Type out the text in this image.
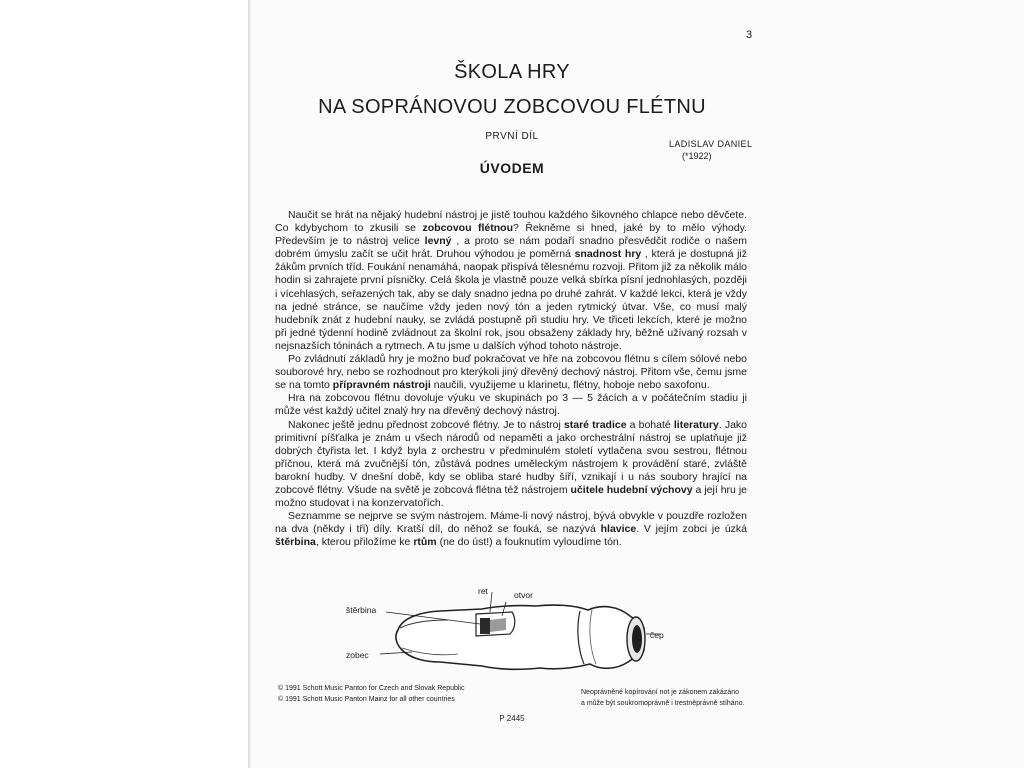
3
ŠKOLA HRY
NA SOPRÁNOVOU ZOBCOVOU FLÉTNU
PRVNÍ DÍL
LADISLAV DANIEL
(*1922)
ÚVODEM

Naučit se hrát na nějaký hudební nástroj je jistě touhou každého šikovného chlapce nebo děvčete. Co kdybychom to zkusili se zobcovou flétnou? Řekněme si hned, jaké by to mělo výhody. Především je to nástroj velice levný , a proto se nám podaří snadno přesvědčit rodiče o našem dobrém úmyslu začít se učit hrát. Druhou výhodou je poměrná snadnost hry , která je dostupná již žákům prvních tříd. Foukání nenamáhá, naopak přispívá tělesnému rozvoji. Přitom již za několik málo hodin si zahrajete první písničky. Celá škola je vlastně pouze velká sbírka písní jednohlasých, později i vícehlasých, seřazených tak, aby se daly snadno jedna po druhé zahrát. V každé lekci, která je vždy na jedné stránce, se naučíme vždy jeden nový tón a jeden rytmický útvar. Vše, co musí malý hudebník znát z hudební nauky, se zvládá postupně při studiu hry. Ve třiceti lekcích, které je možno při jedné týdenní hodině zvládnout za školní rok, jsou obsaženy základy hry, běžně užívaný rozsah v nejsnazších tóninách a rytmech. A tu jsme u dalších výhod tohoto nástroje.

Po zvládnutí základů hry je možno buď pokračovat ve hře na zobcovou flétnu s cílem sólové nebo souborové hry, nebo se rozhodnout pro kterýkoli jiný dřevěný dechový nástroj. Přitom vše, čemu jsme se na tomto přípravném nástroji naučili, využijeme u klarinetu, flétny, hoboje nebo saxofonu.

Hra na zobcovou flétnu dovoluje výuku ve skupinách po 3 — 5 žácích a v počátečním stadiu ji může vést každý učitel znalý hry na dřevěný dechový nástroj.

Nakonec ještě jednu přednost zobcové flétny. Je to nástroj staré tradice a bohaté literatury. Jako primitivní píšťalka je znám u všech národů od nepaměti a jako orchestrální nástroj se uplatňuje již dobrých čtyřista let. I když byla z orchestru v předminulém století vytlačena svou sestrou, flétnou příčnou, která má zvučnější tón, zůstává podnes uměleckým nástrojem k provádění staré, zvláště barokní hudby. V dnešní době, kdy se obliba staré hudby šíří, vznikají i u nás soubory hrající na zobcové flétny. Všude na světě je zobcová flétna též nástrojem učitele hudební výchovy a její hru je možno studovat i na konzervatořích.

Seznamme se nejprve se svým nástrojem. Máme-li nový nástroj, bývá obvykle v pouzdře rozložen na dva (někdy i tři) díly. Kratší díl, do něhož se fouká, se nazývá hlavice. V jejím zobci je úzká štěrbina, kterou přiložíme ke rtům (ne do úst!) a fouknutím vyloudíme tón.

ret	otvor
štěrbina
čep
zobec
© 1991 Schott Music Panton for Czech and Slovak Republic
© 1991 Schott Music Panton Mainz for all other countries
Neoprávněné kopírování not je zákonem zakázáno
a může být soukromoprávně i trestněprávně stíháno.
P 2445
